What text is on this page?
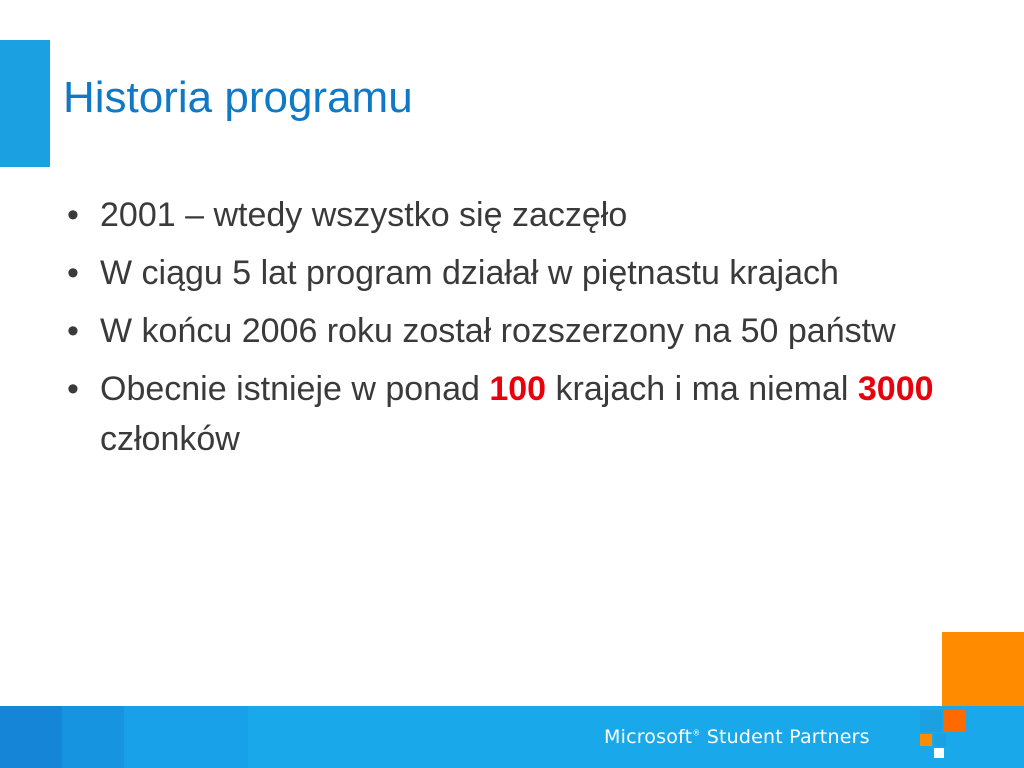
Historia programu
• 2001 – wtedy wszystko się zaczęło
• W ciągu 5 lat program działał w piętnastu krajach
• W końcu 2006 roku został rozszerzony na 50 państw
• Obecnie istnieje w ponad 100 krajach i ma niemal 3000 członków
Microsoft® Student Partners
